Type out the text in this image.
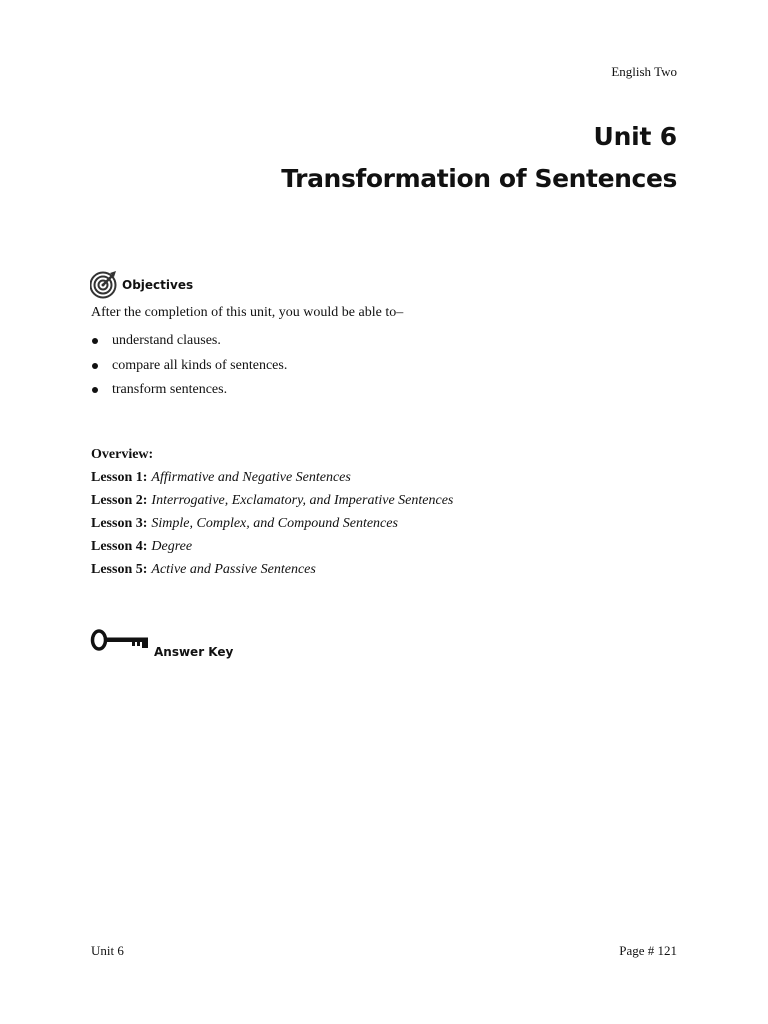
English Two
Unit 6
Transformation of Sentences
Objectives
After the completion of this unit, you would be able to–
understand clauses.
compare all kinds of sentences.
transform sentences.
Overview:
Lesson 1: Affirmative and Negative Sentences
Lesson 2: Interrogative, Exclamatory, and Imperative Sentences
Lesson 3: Simple, Complex, and Compound Sentences
Lesson 4: Degree
Lesson 5: Active and Passive Sentences
Answer Key
Unit 6	Page # 121
